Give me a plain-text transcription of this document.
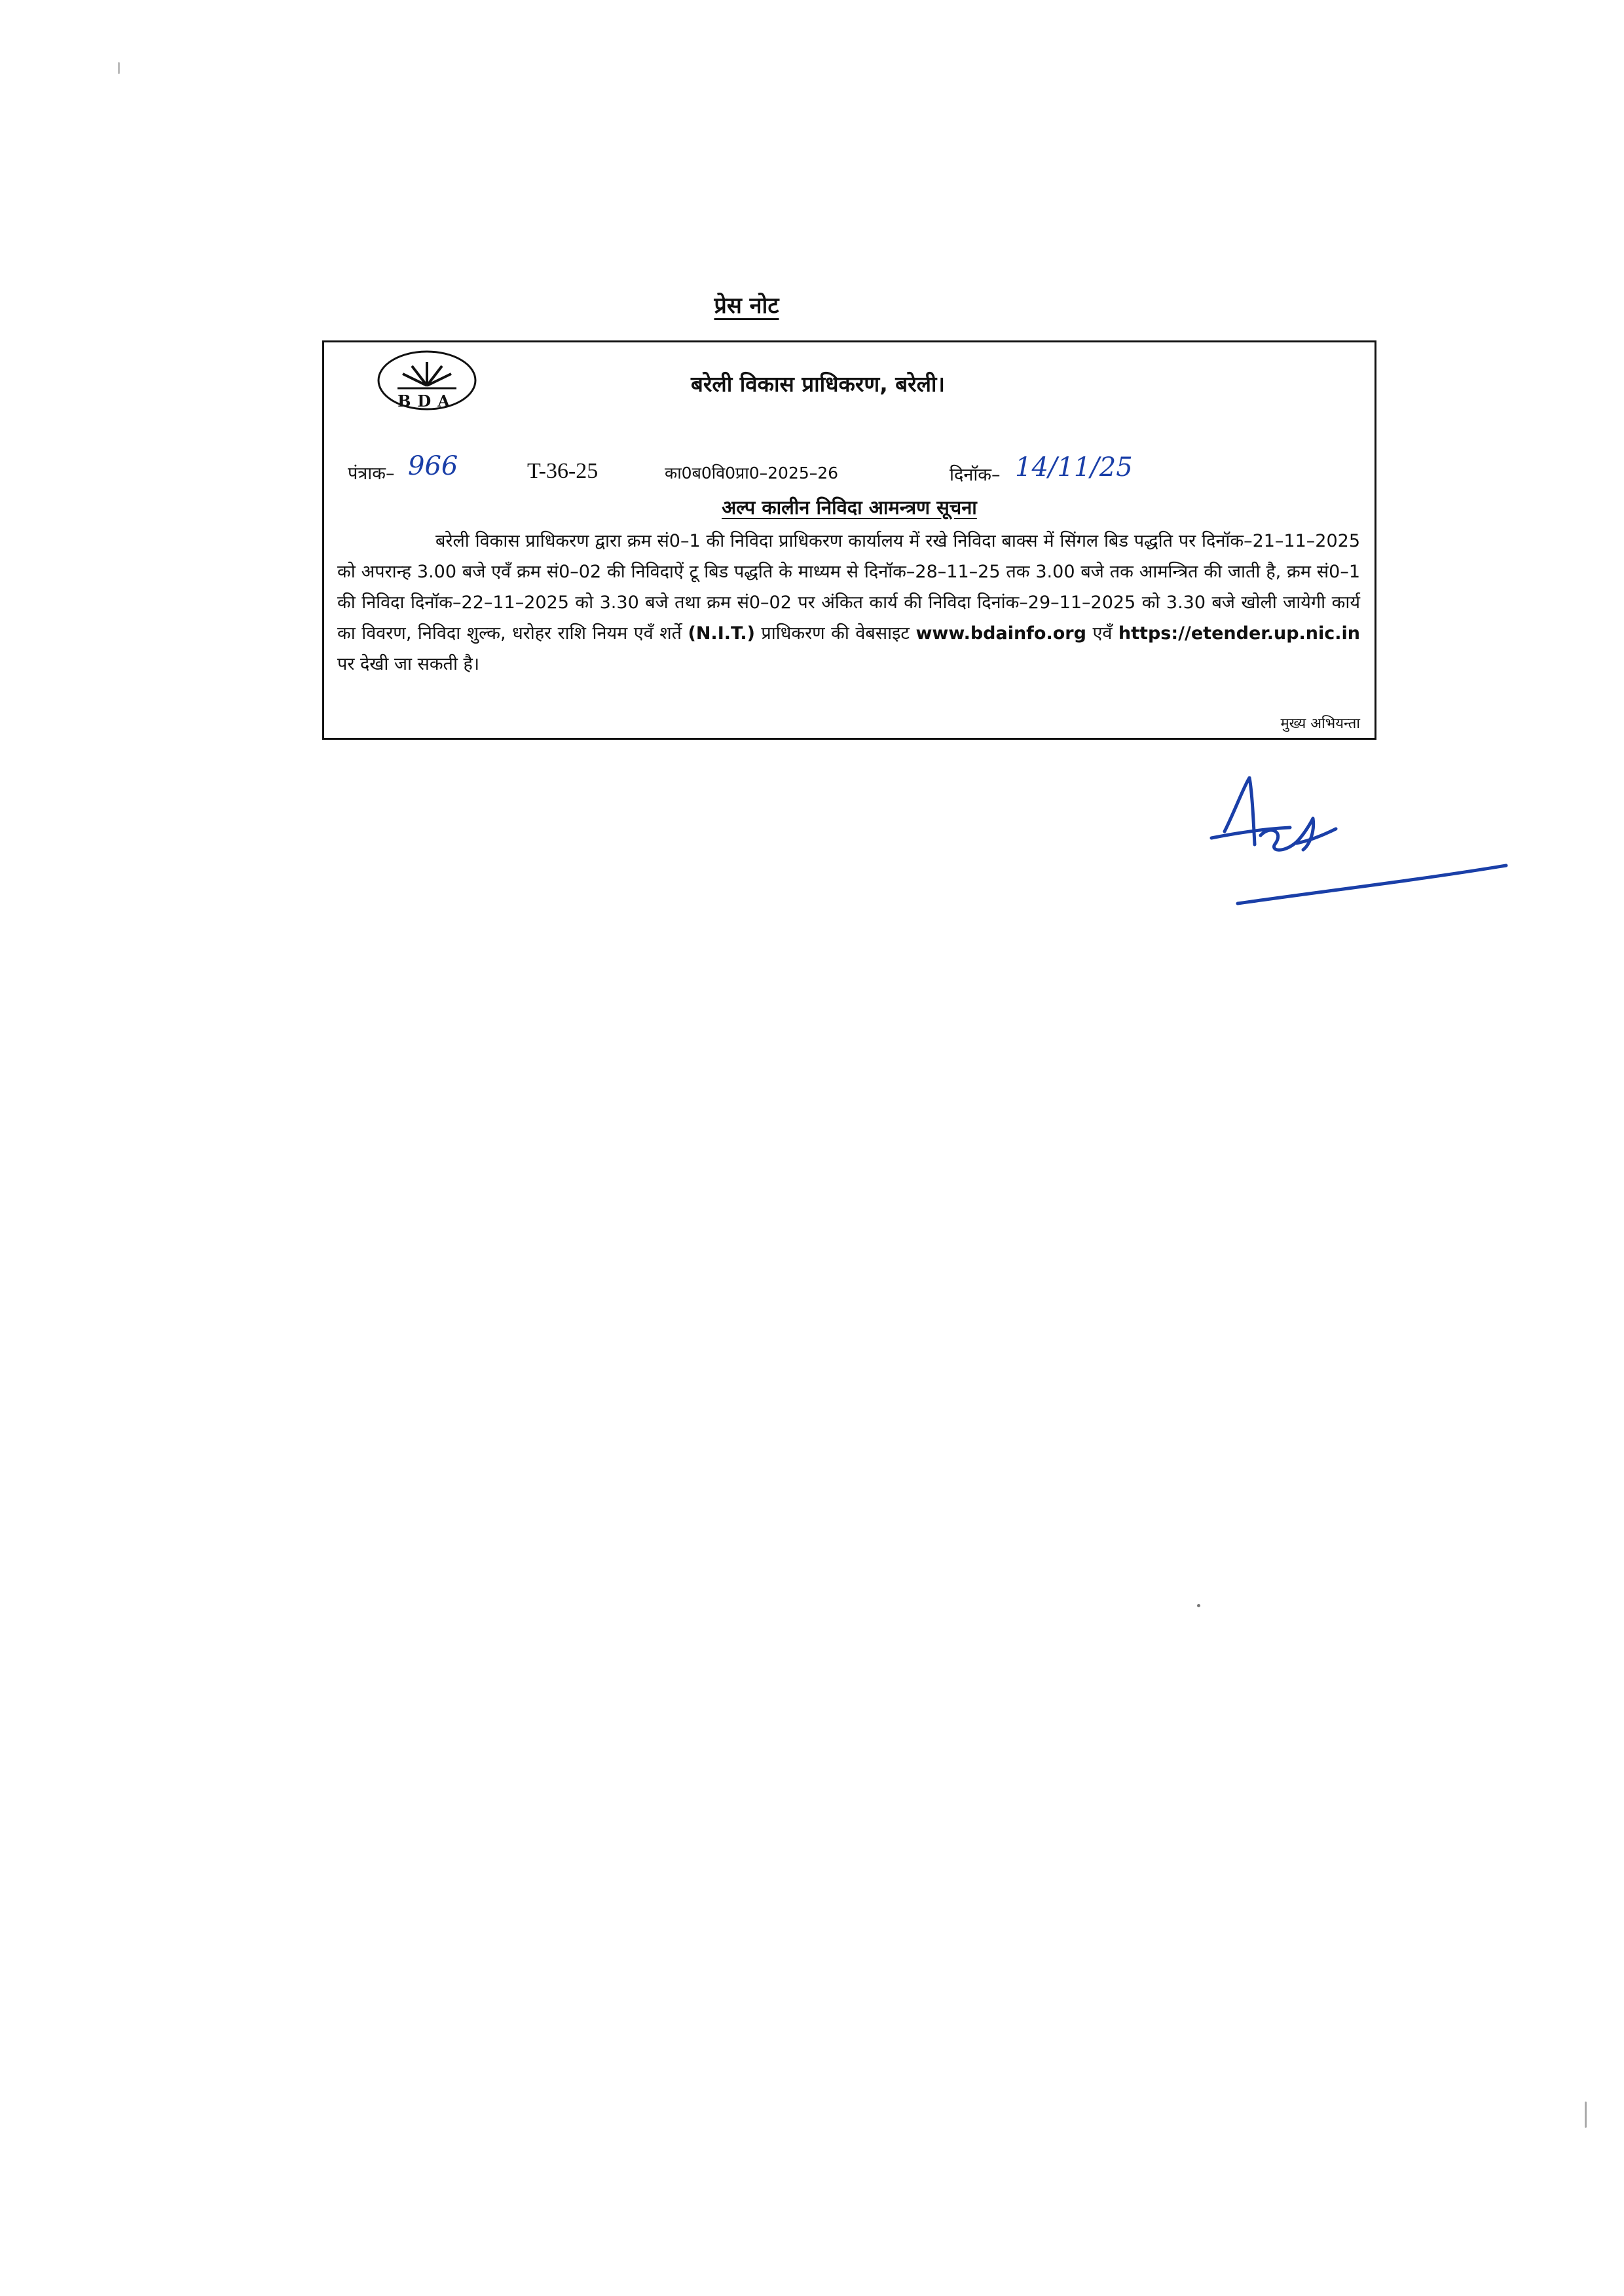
प्रेस नोट
BDA
बरेली विकास प्राधिकरण, बरेली।
पंत्राक– 966	T-36-25	का0ब0वि0प्रा0–2025–26	दिनॉक– 14/11/25
अल्प कालीन निविदा आमन्त्रण सूचना

बरेली विकास प्राधिकरण द्वारा क्रम सं0–1 की निविदा प्राधिकरण कार्यालय में रखे निविदा बाक्स में सिंगल बिड पद्धति पर दिनॉक–21–11–2025 को अपरान्ह 3.00 बजे एवॅं क्रम सं0–02 की निविदाऐं टू बिड पद्धति के माध्यम से दिनॉक–28–11–25 तक 3.00 बजे तक आमन्त्रित की जाती है, क्रम सं0–1 की निविदा दिनॉक–22–11–2025 को 3.30 बजे तथा क्रम सं0–02 पर अंकित कार्य की निविदा दिनांक–29–11–2025 को 3.30 बजे खोली जायेगी कार्य का विवरण, निविदा शुल्क, धरोहर राशि नियम एवॅं शर्ते (N.I.T.) प्राधिकरण की वेबसाइट www.bdainfo.org एवॅं https://etender.up.nic.in पर देखी जा सकती है।

मुख्य अभियन्ता
